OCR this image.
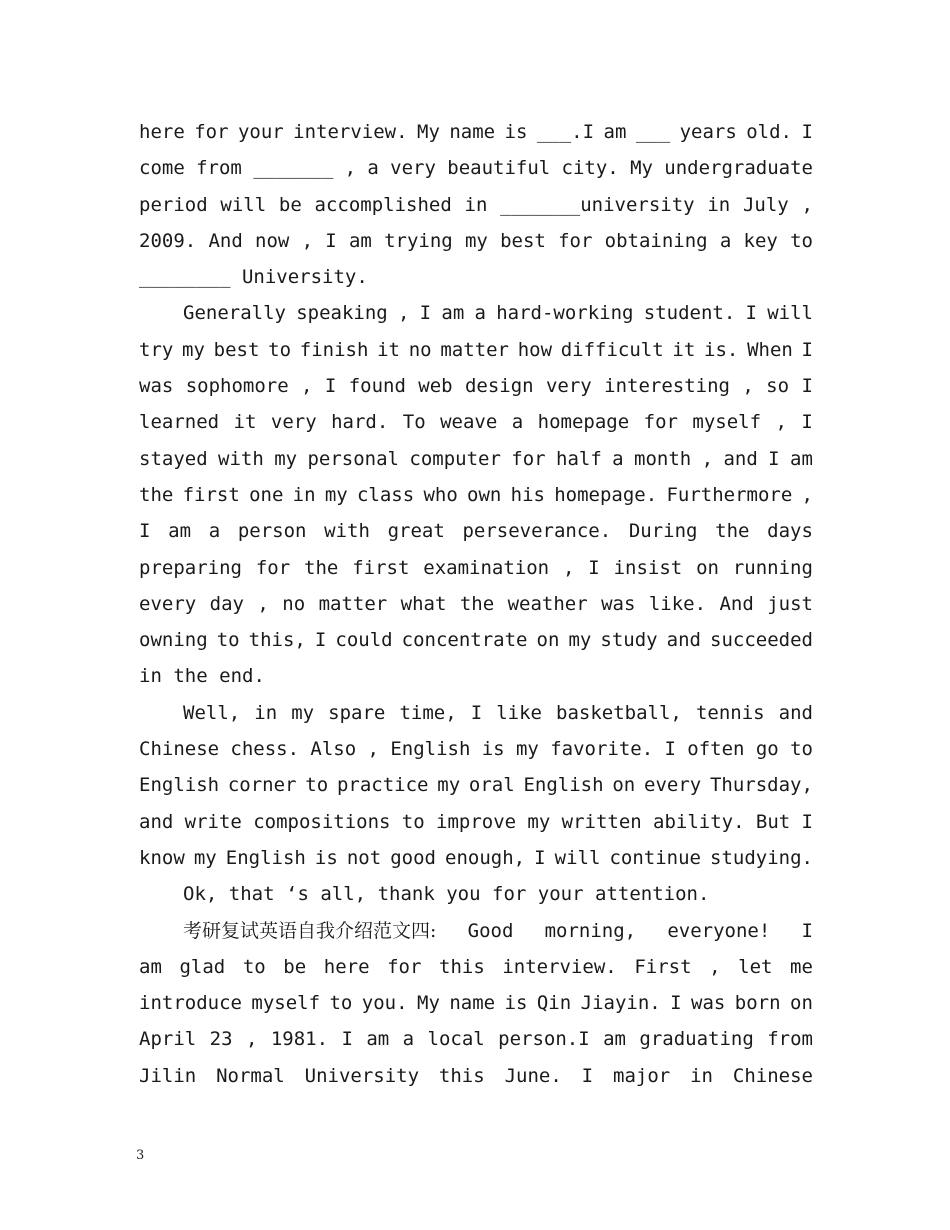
here for your interview. My name is ___.I am ___ years old. I
come from _______ , a very beautiful city. My undergraduate
period will be accomplished in _______university in July ,
2009. And now , I am trying my best for obtaining a key to
________ University.
Generally speaking , I am a hard-working student. I will
try my best to finish it no matter how difficult it is. When I
was sophomore , I found web design very interesting , so I
learned it very hard. To weave a homepage for myself , I
stayed with my personal computer for half a month , and I am
the first one in my class who own his homepage. Furthermore ,
I am a person with great perseverance. During the days
preparing for the first examination , I insist on running
every day , no matter what the weather was like. And just
owning to this, I could concentrate on my study and succeeded
in the end.
Well, in my spare time, I like basketball, tennis and
Chinese chess. Also , English is my favorite. I often go to
English corner to practice my oral English on every Thursday,
and write compositions to improve my written ability. But I
know my English is not good enough, I will continue studying.
Ok, that ‘s all, thank you for your attention.
考研复试英语自我介绍范文四: Good morning, everyone! I
am glad to be here for this interview. First , let me
introduce myself to you. My name is Qin Jiayin. I was born on
April 23 , 1981. I am a local person.I am graduating from
Jilin Normal University this June. I major in Chinese
3
